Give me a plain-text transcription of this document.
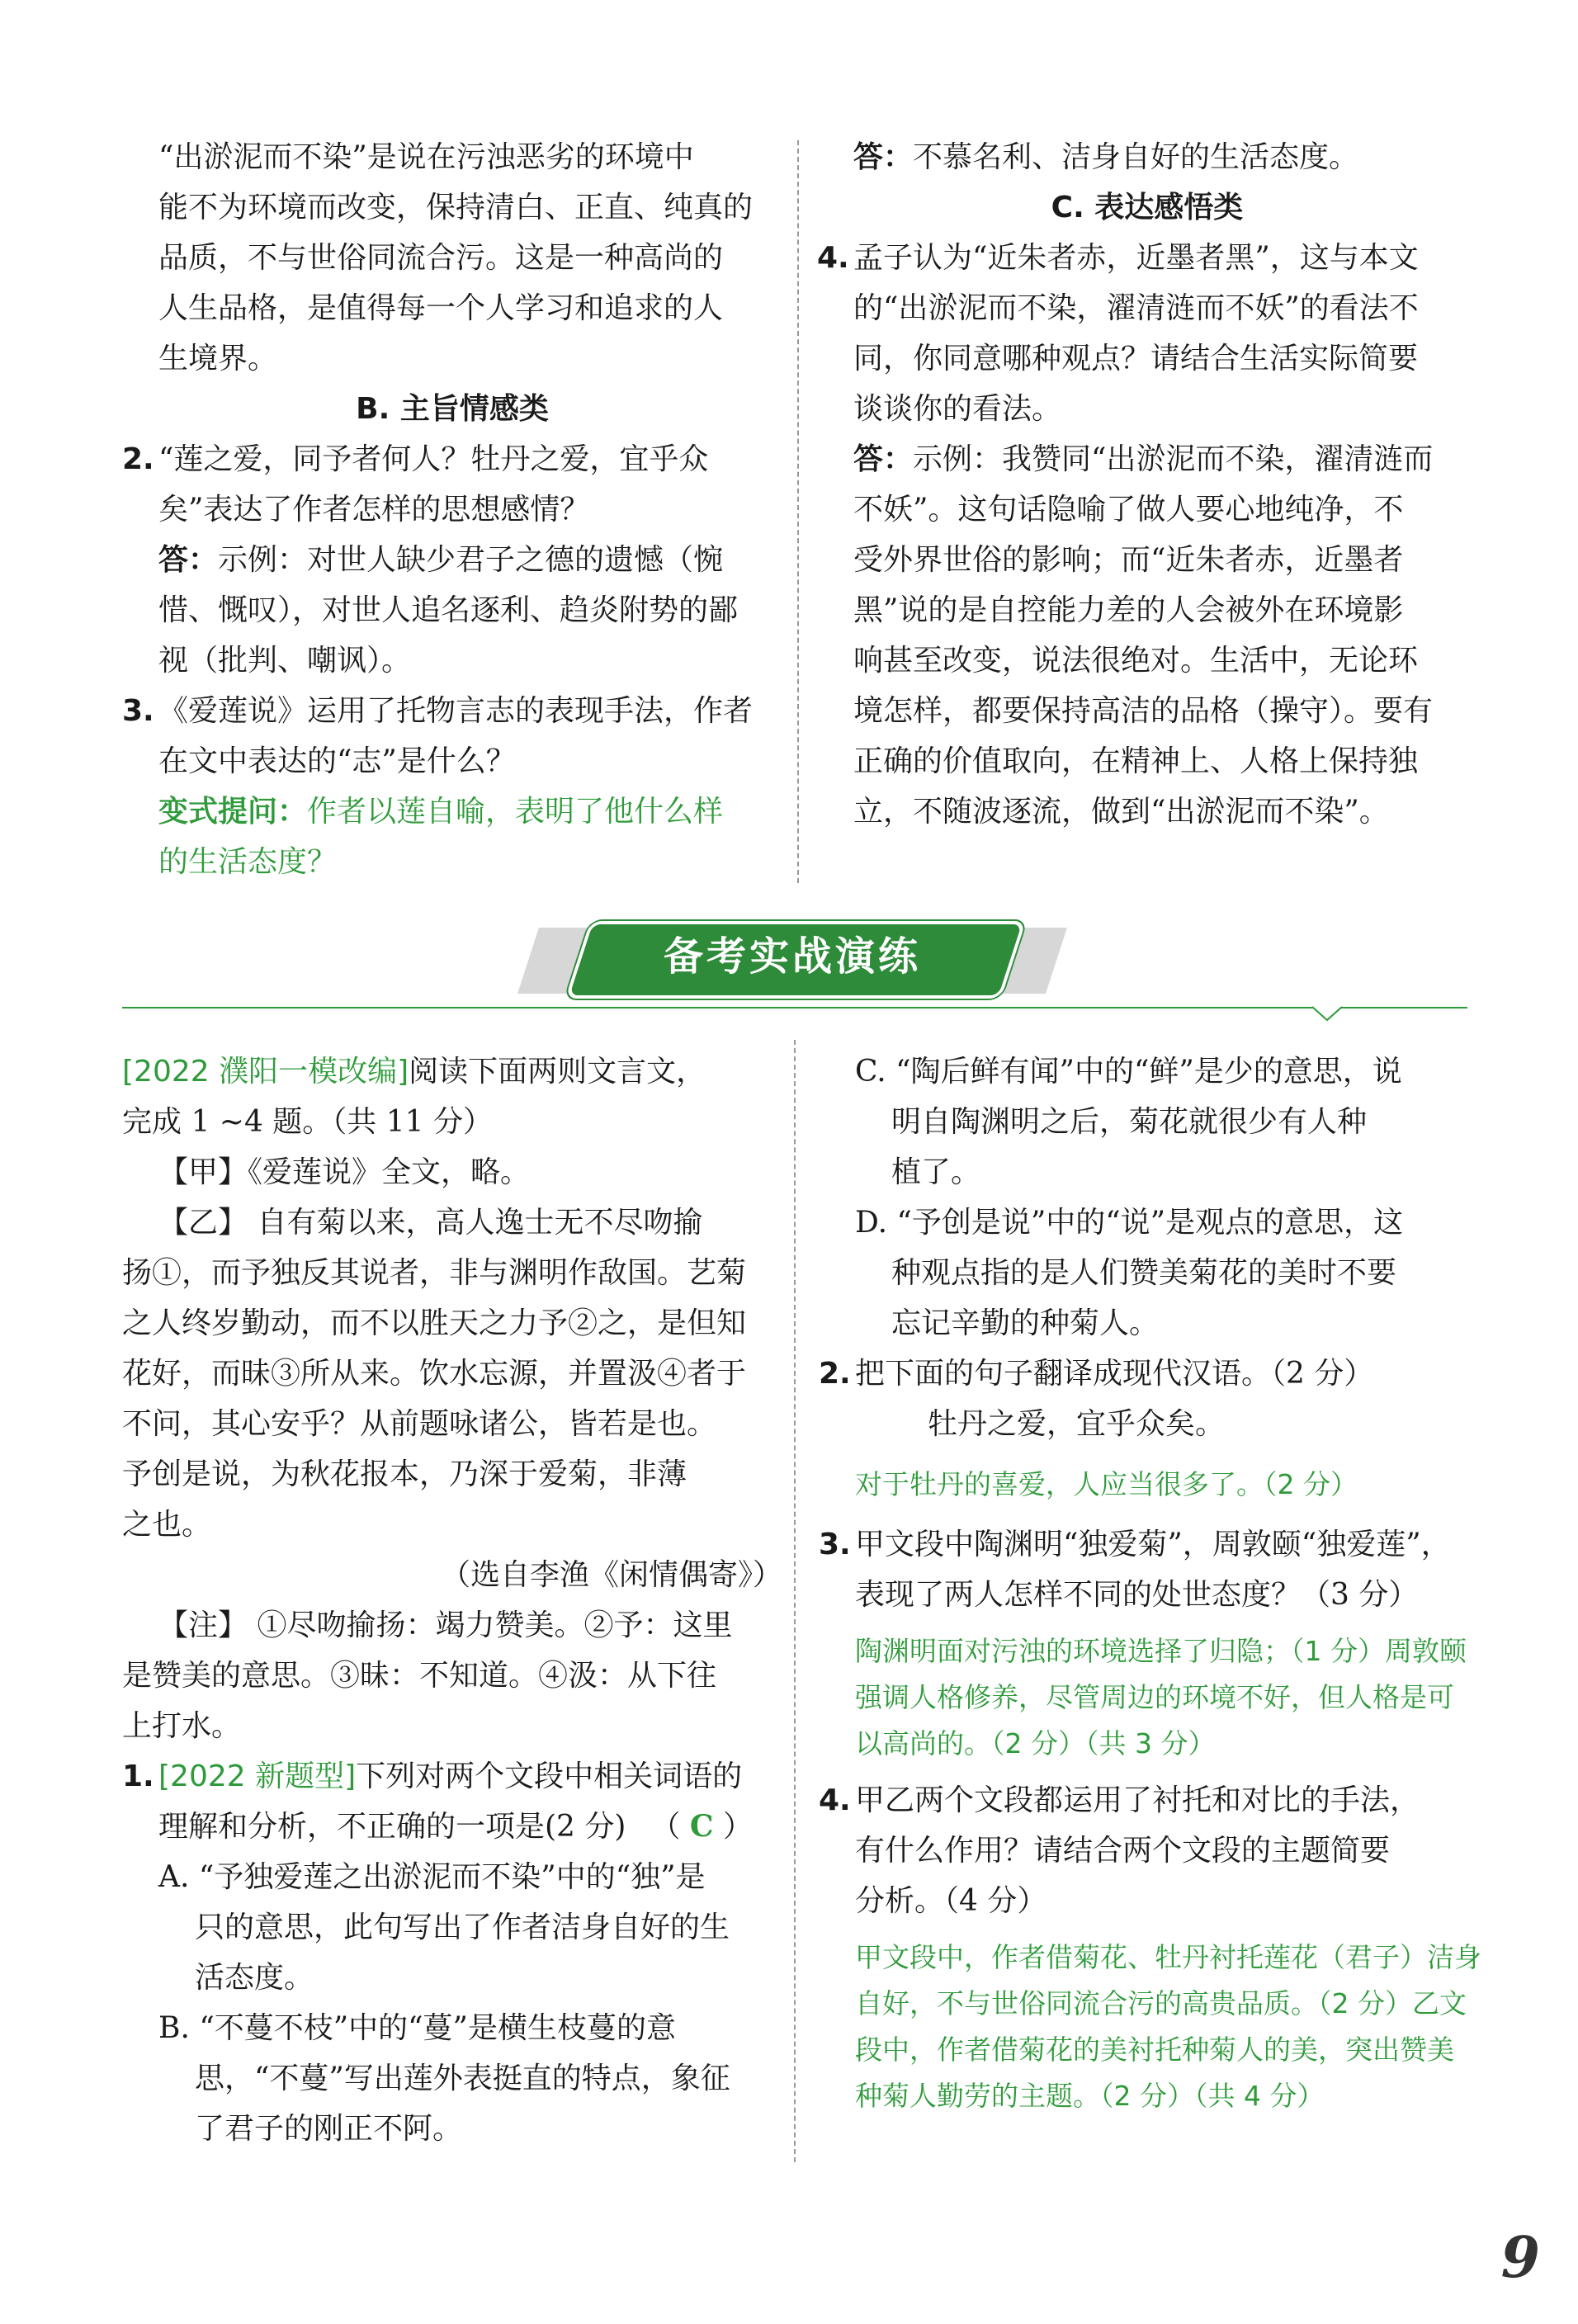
“出淤泥而不染”是说在污浊恶劣的环境中

能不为环境而改变，保持清白、正直、纯真的

品质，不与世俗同流合污。这是一种高尚的

人生品格，是值得每一个人学习和追求的人

生境界。

B. 主旨情感类

2. “莲之爱，同予者何人？牡丹之爱，宜乎众

矣”表达了作者怎样的思想感情？

答：示例：对世人缺少君子之德的遗憾（惋

惜、慨叹），对世人追名逐利、趋炎附势的鄙

视（批判、嘲讽）。

3. 《爱莲说》运用了托物言志的表现手法，作者

在文中表达的“志”是什么？

变式提问：作者以莲自喻，表明了他什么样

的生活态度？

答：不慕名利、洁身自好的生活态度。

C. 表达感悟类

4. 孟子认为“近朱者赤，近墨者黑”，这与本文

的“出淤泥而不染，濯清涟而不妖”的看法不

同，你同意哪种观点？请结合生活实际简要

谈谈你的看法。

答：示例：我赞同“出淤泥而不染，濯清涟而

不妖”。这句话隐喻了做人要心地纯净，不

受外界世俗的影响；而“近朱者赤，近墨者

黑”说的是自控能力差的人会被外在环境影

响甚至改变，说法很绝对。生活中，无论环

境怎样，都要保持高洁的品格（操守）。要有

正确的价值取向，在精神上、人格上保持独

立，不随波逐流，做到“出淤泥而不染”。

备考实战演练

[2022 濮阳一模改编]阅读下面两则文言文，

完成 1 ~4 题。（共 11 分）

【甲】《爱莲说》全文，略。

【乙】 自有菊以来，高人逸士无不尽吻揄

扬①，而予独反其说者，非与渊明作敌国。艺菊

之人终岁勤动，而不以胜天之力予②之，是但知

花好，而昧③所从来。饮水忘源，并置汲④者于

不问，其心安乎？从前题咏诸公，皆若是也。

予创是说，为秋花报本，乃深于爱菊，非薄

之也。

（选自李渔《闲情偶寄》）

【注】 ①尽吻揄扬：竭力赞美。②予：这里

是赞美的意思。③昧：不知道。④汲：从下往

上打水。

1. [2022 新题型]下列对两个文段中相关词语的

理解和分析，不正确的一项是(2 分) （ C ）

A. “予独爱莲之出淤泥而不染”中的“独”是

只的意思，此句写出了作者洁身自好的生

活态度。

B. “不蔓不枝”中的“蔓”是横生枝蔓的意

思，“不蔓”写出莲外表挺直的特点，象征

了君子的刚正不阿。

C. “陶后鲜有闻”中的“鲜”是少的意思，说

明自陶渊明之后，菊花就很少有人种

植了。

D. “予创是说”中的“说”是观点的意思，这

种观点指的是人们赞美菊花的美时不要

忘记辛勤的种菊人。

2. 把下面的句子翻译成现代汉语。（2 分）

牡丹之爱，宜乎众矣。

对于牡丹的喜爱，人应当很多了。（2 分）

3. 甲文段中陶渊明“独爱菊”，周敦颐“独爱莲”，

表现了两人怎样不同的处世态度？（3 分）

陶渊明面对污浊的环境选择了归隐；（1 分）周敦颐

强调人格修养，尽管周边的环境不好，但人格是可

以高尚的。（2 分）（共 3 分）

4. 甲乙两个文段都运用了衬托和对比的手法，

有什么作用？请结合两个文段的主题简要

分析。（4 分）

甲文段中，作者借菊花、牡丹衬托莲花（君子）洁身

自好，不与世俗同流合污的高贵品质。（2 分）乙文

段中，作者借菊花的美衬托种菊人的美，突出赞美

种菊人勤劳的主题。（2 分）（共 4 分）

9
